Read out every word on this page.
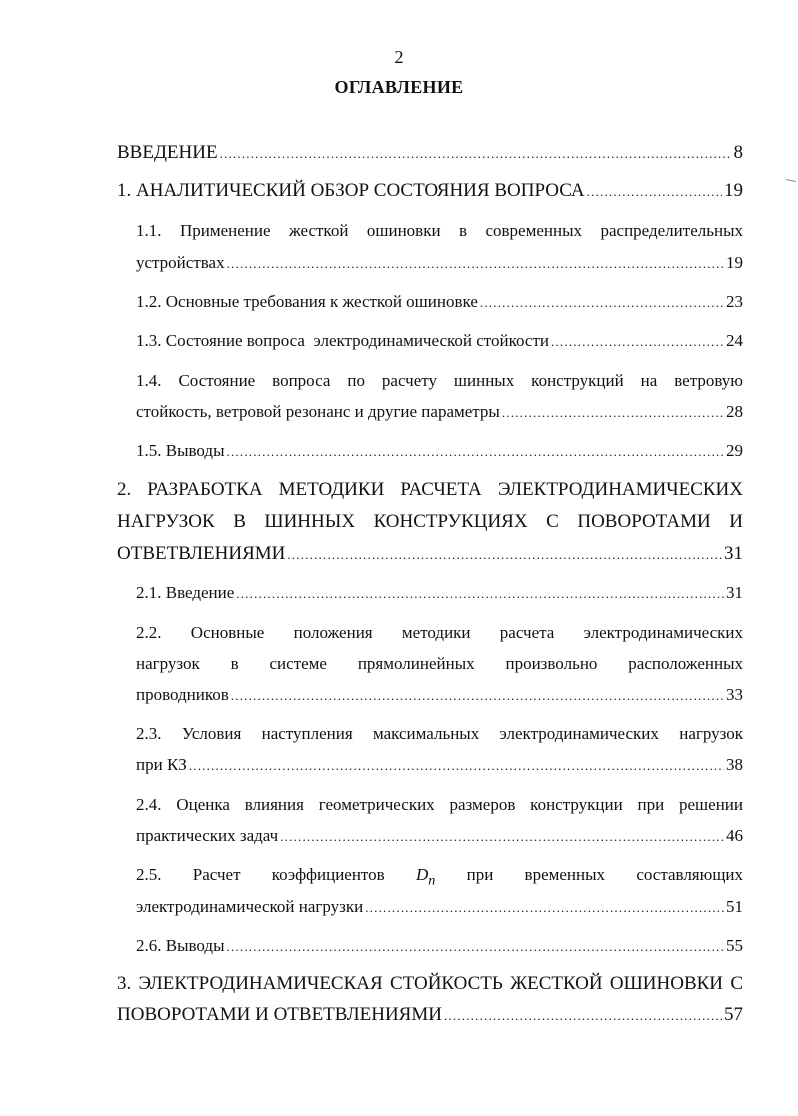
2
ОГЛАВЛЕНИЕ
ВВЕДЕНИЕ .....	8
1. АНАЛИТИЧЕСКИЙ ОБЗОР СОСТОЯНИЯ ВОПРОСА .....	19
1.1. Применение жесткой ошиновки в современных распределительных
устройствах .....	19
1.2. Основные требования к жесткой ошиновке .....	23
1.3. Состояние вопроса  электродинамической стойкости .....	24
1.4. Состояние вопроса по расчету шинных конструкций на ветровую
стойкость, ветровой резонанс и другие параметры .....	28
1.5. Выводы .....	29
2. РАЗРАБОТКА МЕТОДИКИ РАСЧЕТА ЭЛЕКТРОДИНАМИЧЕСКИХ
НАГРУЗОК В ШИННЫХ КОНСТРУКЦИЯХ С ПОВОРОТАМИ И
ОТВЕТВЛЕНИЯМИ .....	31
2.1. Введение .....	31
2.2. Основные положения методики расчета электродинамических
нагрузок в системе прямолинейных произвольно расположенных
проводников .....	33
2.3. Условия наступления максимальных электродинамических нагрузок
при КЗ .....	38
2.4. Оценка влияния геометрических размеров конструкции при решении
практических задач .....	46
2.5. Расчет коэффициентов $D_n$ при временных составляющих
электродинамической нагрузки .....	51
2.6. Выводы .....	55
3. ЭЛЕКТРОДИНАМИЧЕСКАЯ СТОЙКОСТЬ ЖЕСТКОЙ ОШИНОВКИ С
ПОВОРОТАМИ И ОТВЕТВЛЕНИЯМИ .....	57
